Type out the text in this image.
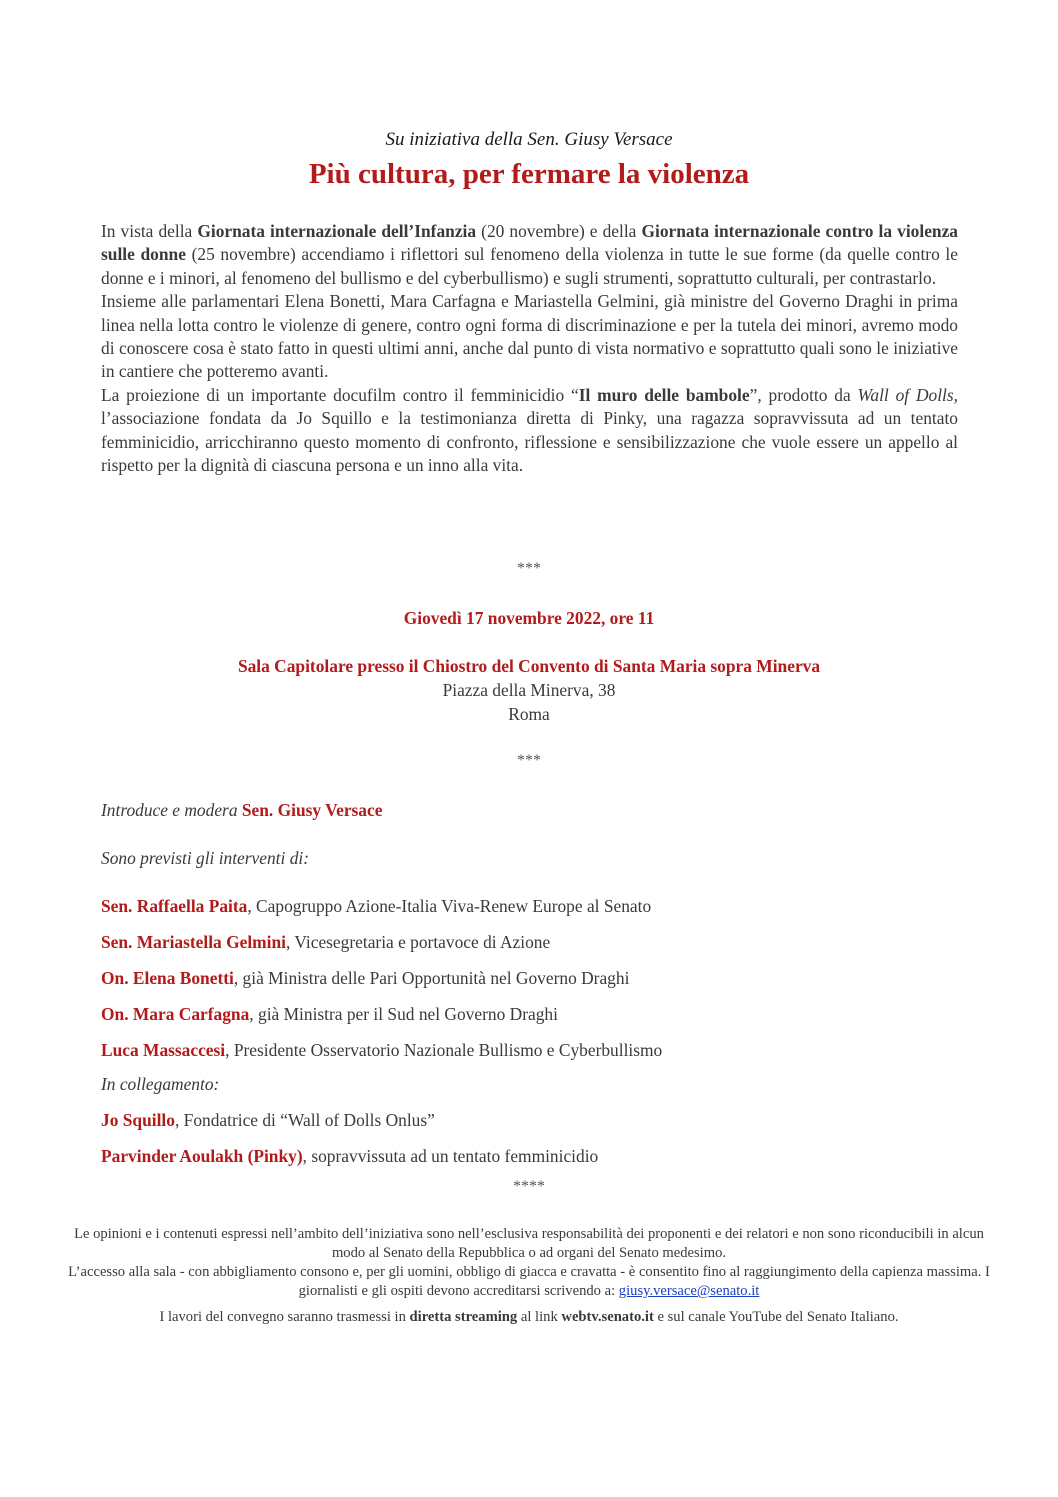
Su iniziativa della Sen. Giusy Versace
Più cultura, per fermare la violenza

In vista della Giornata internazionale dell’Infanzia (20 novembre) e della Giornata internazionale contro la violenza sulle donne (25 novembre) accendiamo i riflettori sul fenomeno della violenza in tutte le sue forme (da quelle contro le donne e i minori, al fenomeno del bullismo e del cyberbullismo) e sugli strumenti, soprattutto culturali, per contrastarlo.

Insieme alle parlamentari Elena Bonetti, Mara Carfagna e Mariastella Gelmini, già ministre del Governo Draghi in prima linea nella lotta contro le violenze di genere, contro ogni forma di discriminazione e per la tutela dei minori, avremo modo di conoscere cosa è stato fatto in questi ultimi anni, anche dal punto di vista normativo e soprattutto quali sono le iniziative in cantiere che potteremo avanti.

La proiezione di un importante docufilm contro il femminicidio “Il muro delle bambole”, prodotto da Wall of Dolls, l’associazione fondata da Jo Squillo e la testimonianza diretta di Pinky, una ragazza sopravvissuta ad un tentato femminicidio, arricchiranno questo momento di confronto, riflessione e sensibilizzazione che vuole essere un appello al rispetto per la dignità di ciascuna persona e un inno alla vita.

***
Giovedì 17 novembre 2022, ore 11
Sala Capitolare presso il Chiostro del Convento di Santa Maria sopra Minerva
Piazza della Minerva, 38
Roma
***
Introduce e modera Sen. Giusy Versace
Sono previsti gli interventi di:
Sen. Raffaella Paita, Capogruppo Azione-Italia Viva-Renew Europe al Senato
Sen. Mariastella Gelmini, Vicesegretaria e portavoce di Azione
On. Elena Bonetti, già Ministra delle Pari Opportunità nel Governo Draghi
On. Mara Carfagna, già Ministra per il Sud nel Governo Draghi
Luca Massaccesi, Presidente Osservatorio Nazionale Bullismo e Cyberbullismo
In collegamento:
Jo Squillo, Fondatrice di “Wall of Dolls Onlus”
Parvinder Aoulakh (Pinky), sopravvissuta ad un tentato femminicidio
****

Le opinioni e i contenuti espressi nell’ambito dell’iniziativa sono nell’esclusiva responsabilità dei proponenti e dei relatori e non sono riconducibili in alcun modo al Senato della Repubblica o ad organi del Senato medesimo.

L’accesso alla sala - con abbigliamento consono e, per gli uomini, obbligo di giacca e cravatta - è consentito fino al raggiungimento della capienza massima. I giornalisti e gli ospiti devono accreditarsi scrivendo a: giusy.versace@senato.it

I lavori del convegno saranno trasmessi in diretta streaming al link webtv.senato.it e sul canale YouTube del Senato Italiano.
